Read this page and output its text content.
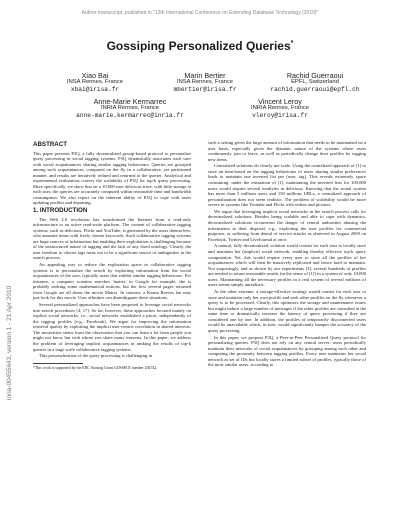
Author manuscript, published in "13th International Conference on Extending Database Technology (2010)"
inria-00455643, version 1 - 21 Apr 2010
Gossiping Personalized Queries*
Xiao Bai
INSA Rennes, France
xbai@irisa.fr
Marin Bertier
INSA Rennes, France
mbertier@irisa.fr
Rachid Guerraoui
EPFL, Switzerland
rachid.guerraoui@epfl.ch
Anne-Marie Kermarrec
INRIA Rennes, France
anne-marie.kermarrec@inria.fr
Vincent Leroy
INRIA Rennes, France
vleroy@irisa.fr
ABSTRACT

This paper presents P3Q, a fully decentralized gossip-based protocol to personalize query processing in social tagging systems. P3Q dynamically associates each user with social acquaintances sharing similar tagging behaviours. Queries are gossiped among such acquaintances, computed on the fly in a collaborative, yet partitioned manner, and results are iteratively refined and returned to the querier. Analytical and experimental evaluations convey the scalability of P3Q for top-k query processing. More specifically, we show that on a 10,000-user delicious trace, with little storage at each user, the queries are accurately computed within reasonable time and bandwidth consumption. We also report on the inherent ability of P3Q to cope with users updating profiles and departing.

1. INTRODUCTION

The Web 2.0 revolution has transformed the Internet from a read-only infrastructure to an active read-write platform. The content of collaborative tagging systems, such as delicious, Flickr and YouTube, is generated by the users themselves, who annotate items with freely chosen keywords. Such collaborative tagging systems are huge sources of information but enabling their exploitation is challenging because of the unstructured nature of tagging and the lack of any fixed ontology. Clearly, the user freedom to choose tags turns out to be a significant source of ambiguities in the search process.

An appealing way to reduce the exploration space in collaborative tagging systems is to personalize the search by exploiting information from the social acquaintances of the user, typically users that exhibit similar tagging behaviours. For instance, a computer scientist searches 'matrix' in Google for example, she is probably seeking some mathematical notions, but the first several pages returned from Google are all about the movie Matrix. In contrast, a Keanu Reeves fan may just look for this movie. User affinities can disambiguate these situations.

Several personalized approaches have been proposed to leverage social networks into search procedures [4, 17]. So far, however, these approaches focused mainly on explicit social networks, i.e., social networks established a priori, independently of the tagging profiles (e.g., Facebook). We argue for improving the information retrieval quality by exploiting the implicit user-centric correlation in shared interests. The motivation stems from the observation that you can learn a lot from people you might not know but with whom you share many interests. In this paper, we address the problem of leveraging implicit acquaintances in ranking the results of top-k queries in a large scale collaborative tagging systems.

This personalization of the query processing is challenging in

*This work is supported by the ERC Starting Grant GOSSPLE number 204742.

such a setting given the large amount of information that needs to be maintained on a user basis, especially given the dynamic nature of the systems where users continuously join or leave, as well as periodically change their profiles by tagging new items.

Centralized solutions do clearly not scale. Using the centralized approach of [1] to store an item-based on the tagging behaviours of users sharing similar preferences leads to maintain one inverted list per (user, tag). This reveals extremely space consuming: under the estimation of [1], maintaining the inverted lists for 100,000 users would require several terabytes in delicious. Knowing that the actual system has more than 5 millions users and 150 millions URLs, a centralized approach of personalization does not seem realistic. The problem of scalability would be more severe in systems like Youtube and Flickr with videos and pictures.

We argue that leveraging implicit social networks in the search process calls for decentralized solutions. Besides being scalable and able to cope with dynamics, decentralized solutions circumvent the danger of central authorities abusing the information at their disposal, e.g., exploiting the user profiles for commercial purposes, or suffering from denial of service attacks as observed in August 2009 on Facebook, Twitter and LiveJournal at once.

A natural, fully decentralized, solution would consist for each user to locally store and maintain her (implicit) social network, enabling thereby effective top-k query computation. Yet, this would require every user to store all the profiles of her acquaintances which will then be massively replicated and hence hard to maintain. Not surprisingly, and as shown by our experiments [3], several hundreds of profiles are needed to return reasonable results (in the sense of [1]) in a system of only 10,000 users. Maintaining all the necessary profiles in a real system of several millions of users seems simply unrealistic.

At the other extreme, a storage-effective strategy would consist for each user to store and maintain only her own profile and seek other profiles on the fly whenever a query is to be processed. Clearly, this optimizes the storage and maintenance issues but might induce a large number of messages if the other profiles are consulted at the same time or dramatically increase the latency of query processing if they are considered one by one. In addition, the profiles of temporarily disconnected users would be unavailable which, in turn, would significantly hamper the accuracy of the query processing.

In this paper, we propose P3Q, a Peer-to-Peer Personalized Query protocol for personalizing queries. P3Q does not rely on any central server: users periodically maintain their networks of social acquaintances by gossiping among each other and computing the proximity between tagging profiles. Every user maintains her social network as set of IDs but locally stores a limited subset of profiles, typically those of the most similar users, according to
